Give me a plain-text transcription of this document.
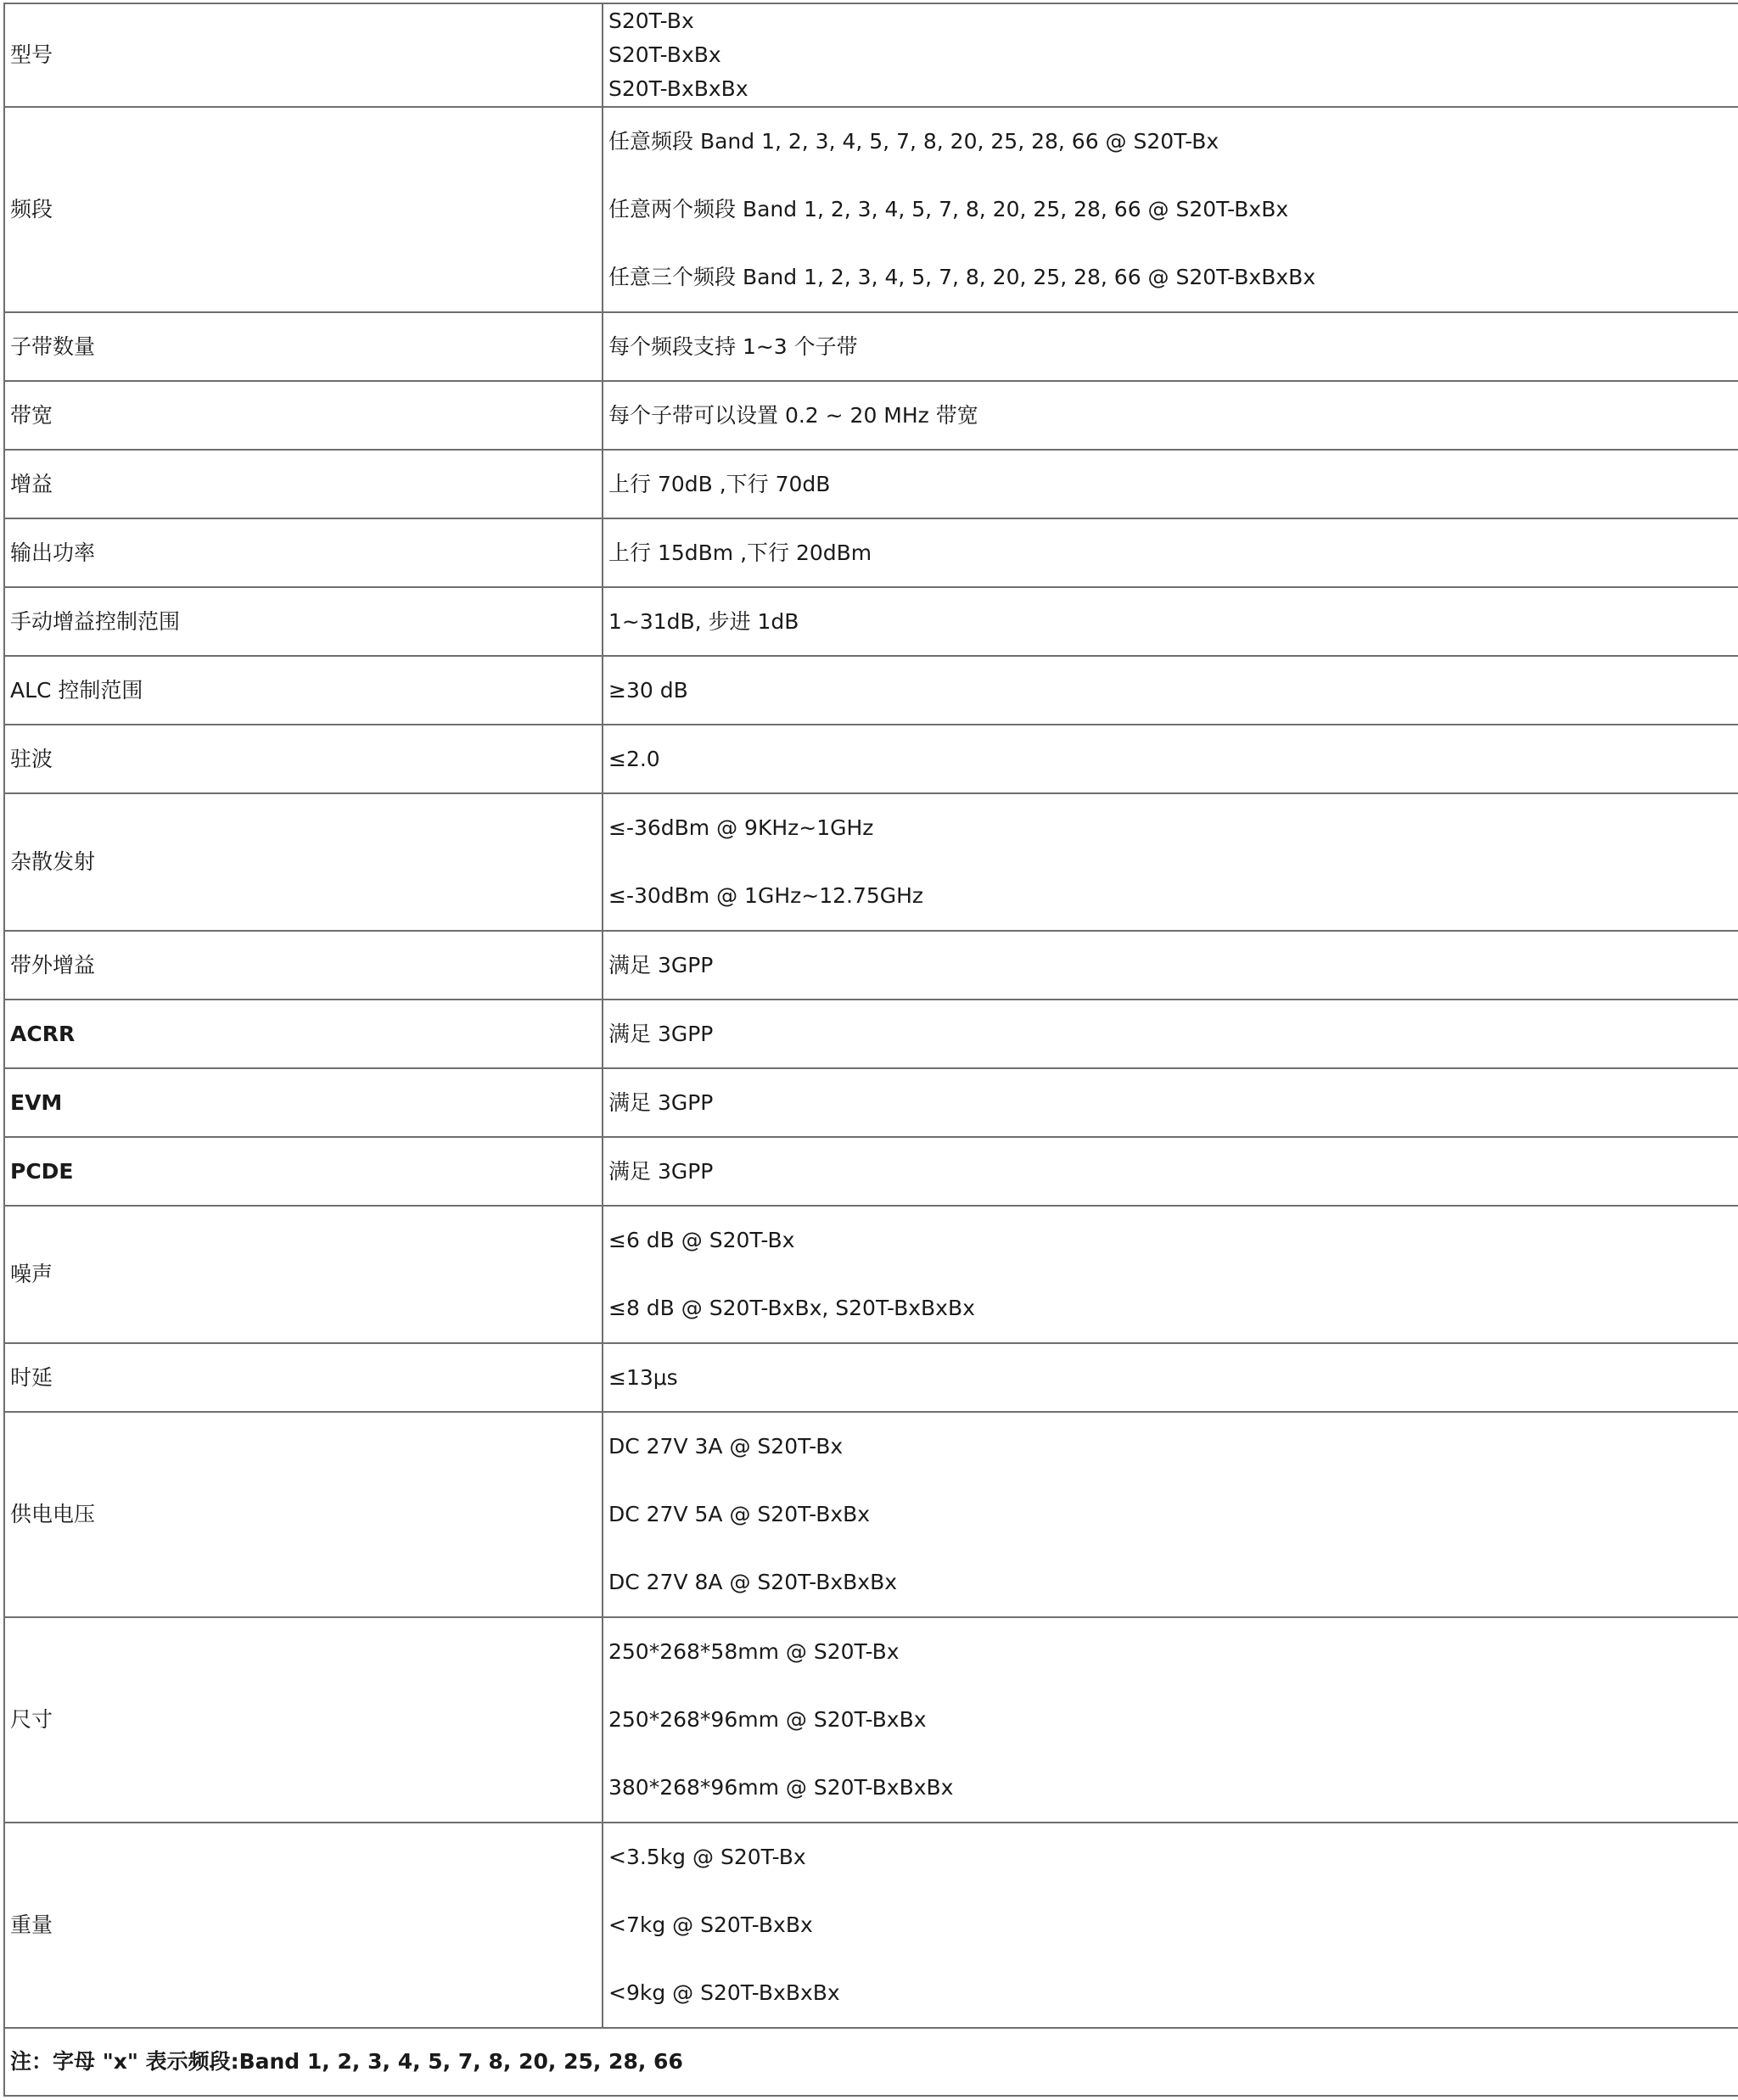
型号	S20T-Bx
S20T-BxBx
S20T-BxBxBx

频段	任意频段 Band 1, 2, 3, 4, 5, 7, 8, 20, 25, 28, 66 @ S20T-Bx
任意两个频段 Band 1, 2, 3, 4, 5, 7, 8, 20, 25, 28, 66 @ S20T-BxBx
任意三个频段 Band 1, 2, 3, 4, 5, 7, 8, 20, 25, 28, 66 @ S20T-BxBxBx

子带数量	每个频段支持 1~3 个子带

带宽	每个子带可以设置 0.2 ~ 20 MHz 带宽

增益	上行 70dB ,下行 70dB

输出功率	上行 15dBm ,下行 20dBm

手动增益控制范围	1~31dB, 步进 1dB

ALC 控制范围	≥30 dB

驻波	≤2.0

杂散发射	≤-36dBm @ 9KHz~1GHz
≤-30dBm @ 1GHz~12.75GHz

带外增益	满足 3GPP

ACRR	满足 3GPP

EVM	满足 3GPP

PCDE	满足 3GPP

噪声	≤6 dB @ S20T-Bx
≤8 dB @ S20T-BxBx, S20T-BxBxBx

时延	≤13μs

供电电压	DC 27V 3A @ S20T-Bx
DC 27V 5A @ S20T-BxBx
DC 27V 8A @ S20T-BxBxBx

尺寸	250*268*58mm @ S20T-Bx
250*268*96mm @ S20T-BxBx
380*268*96mm @ S20T-BxBxBx

重量	<3.5kg @ S20T-Bx
<7kg @ S20T-BxBx
<9kg @ S20T-BxBxBx

注：字母 "x" 表示频段:Band 1, 2, 3, 4, 5, 7, 8, 20, 25, 28, 66	
